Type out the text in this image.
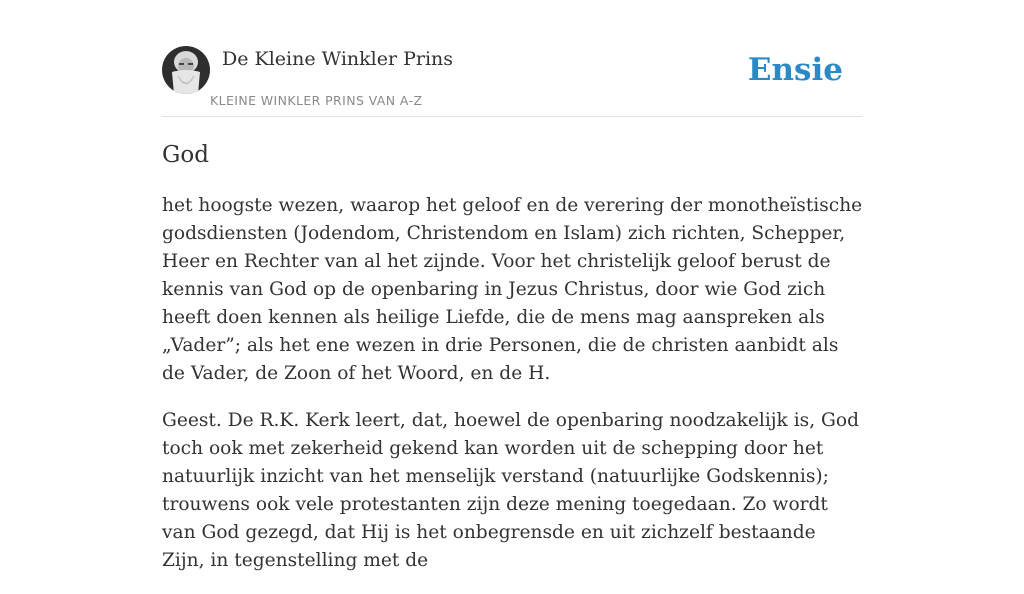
De Kleine Winkler Prins
KLEINE WINKLER PRINS VAN A-Z
Ensie
God

het hoogste wezen, waarop het geloof en de verering der monotheïstische godsdiensten (Jodendom, Christendom en Islam) zich richten, Schepper, Heer en Rechter van al het zijnde. Voor het christelijk geloof berust de kennis van God op de openbaring in Jezus Christus, door wie God zich heeft doen kennen als heilige Liefde, die de mens mag aanspreken als „Vader”; als het ene wezen in drie Personen, die de christen aanbidt als de Vader, de Zoon of het Woord, en de H.

Geest. De R.K. Kerk leert, dat, hoewel de openbaring noodzakelijk is, God toch ook met zekerheid gekend kan worden uit de schepping door het natuurlijk inzicht van het menselijk verstand (natuurlijke Godskennis); trouwens ook vele protestanten zijn deze mening toegedaan. Zo wordt van God gezegd, dat Hij is het onbegrensde en uit zichzelf bestaande Zijn, in tegenstelling met de
